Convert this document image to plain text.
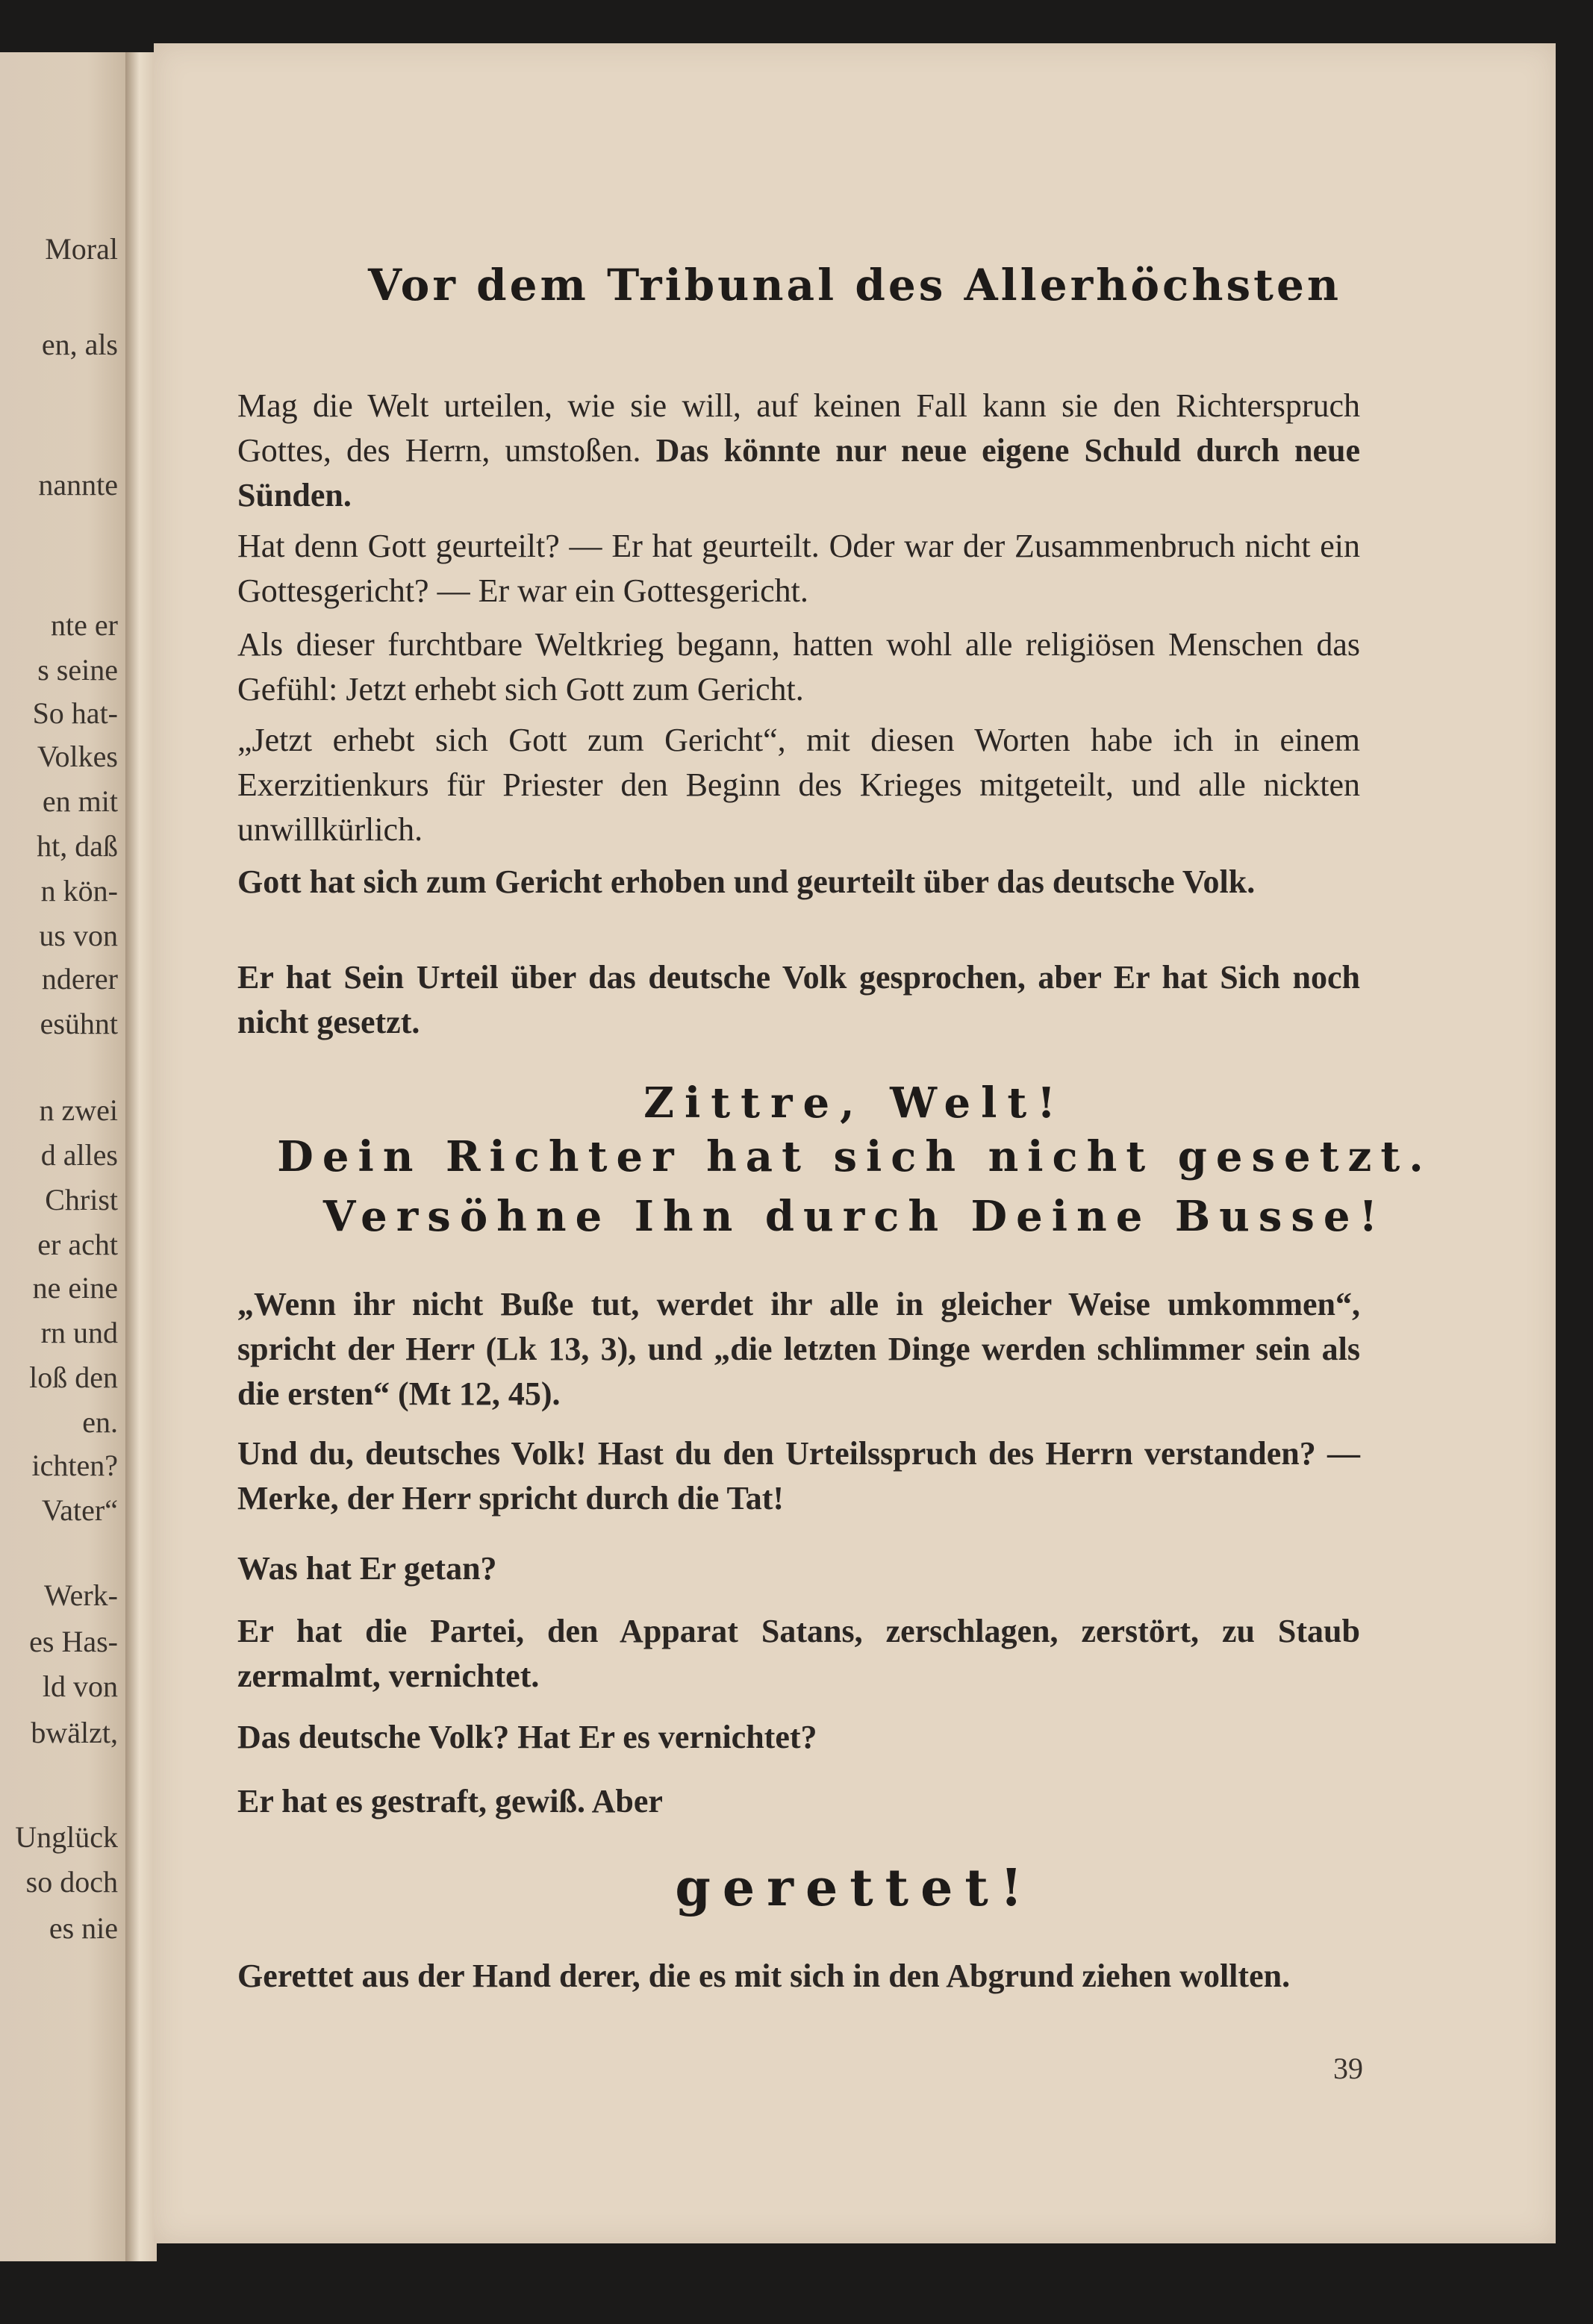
Moral
en, als
nannte
nte er
s seine
So hat-
Volkes
en mit
ht, daß
n kön-
us von
nderer
esühnt
n zwei
d alles
Christ
er acht
ne eine
rn und
loß den
en.
ichten?
Vater“
Werk-
es Has-
ld von
bwälzt,
Unglück
so doch
es nie
Vor dem Tribunal des Allerhöchsten

Mag die Welt urteilen, wie sie will, auf keinen Fall kann sie den Richterspruch Gottes, des Herrn, umstoßen. Das könnte nur neue eigene Schuld durch neue Sünden.

Hat denn Gott geurteilt? — Er hat geurteilt. Oder war der Zusammenbruch nicht ein Gottesgericht? — Er war ein Gottesgericht.

Als dieser furchtbare Weltkrieg begann, hatten wohl alle religiösen Menschen das Gefühl: Jetzt erhebt sich Gott zum Gericht.

„Jetzt erhebt sich Gott zum Gericht“, mit diesen Worten habe ich in einem Exerzitienkurs für Priester den Beginn des Krieges mitgeteilt, und alle nickten unwillkürlich.

Gott hat sich zum Gericht erhoben und geurteilt über das deutsche Volk.

Er hat Sein Urteil über das deutsche Volk gesprochen, aber Er hat Sich noch nicht gesetzt.

Zittre, Welt!
Dein Richter hat sich nicht gesetzt.
Versöhne Ihn durch Deine Busse!

„Wenn ihr nicht Buße tut, werdet ihr alle in gleicher Weise umkommen“, spricht der Herr (Lk 13, 3), und „die letzten Dinge werden schlimmer sein als die ersten“ (Mt 12, 45).

Und du, deutsches Volk! Hast du den Urteilsspruch des Herrn verstanden? — Merke, der Herr spricht durch die Tat!

Was hat Er getan?

Er hat die Partei, den Apparat Satans, zerschlagen, zerstört, zu Staub zermalmt, vernichtet.

Das deutsche Volk? Hat Er es vernichtet?

Er hat es gestraft, gewiß. Aber

gerettet!

Gerettet aus der Hand derer, die es mit sich in den Abgrund ziehen wollten.

39
